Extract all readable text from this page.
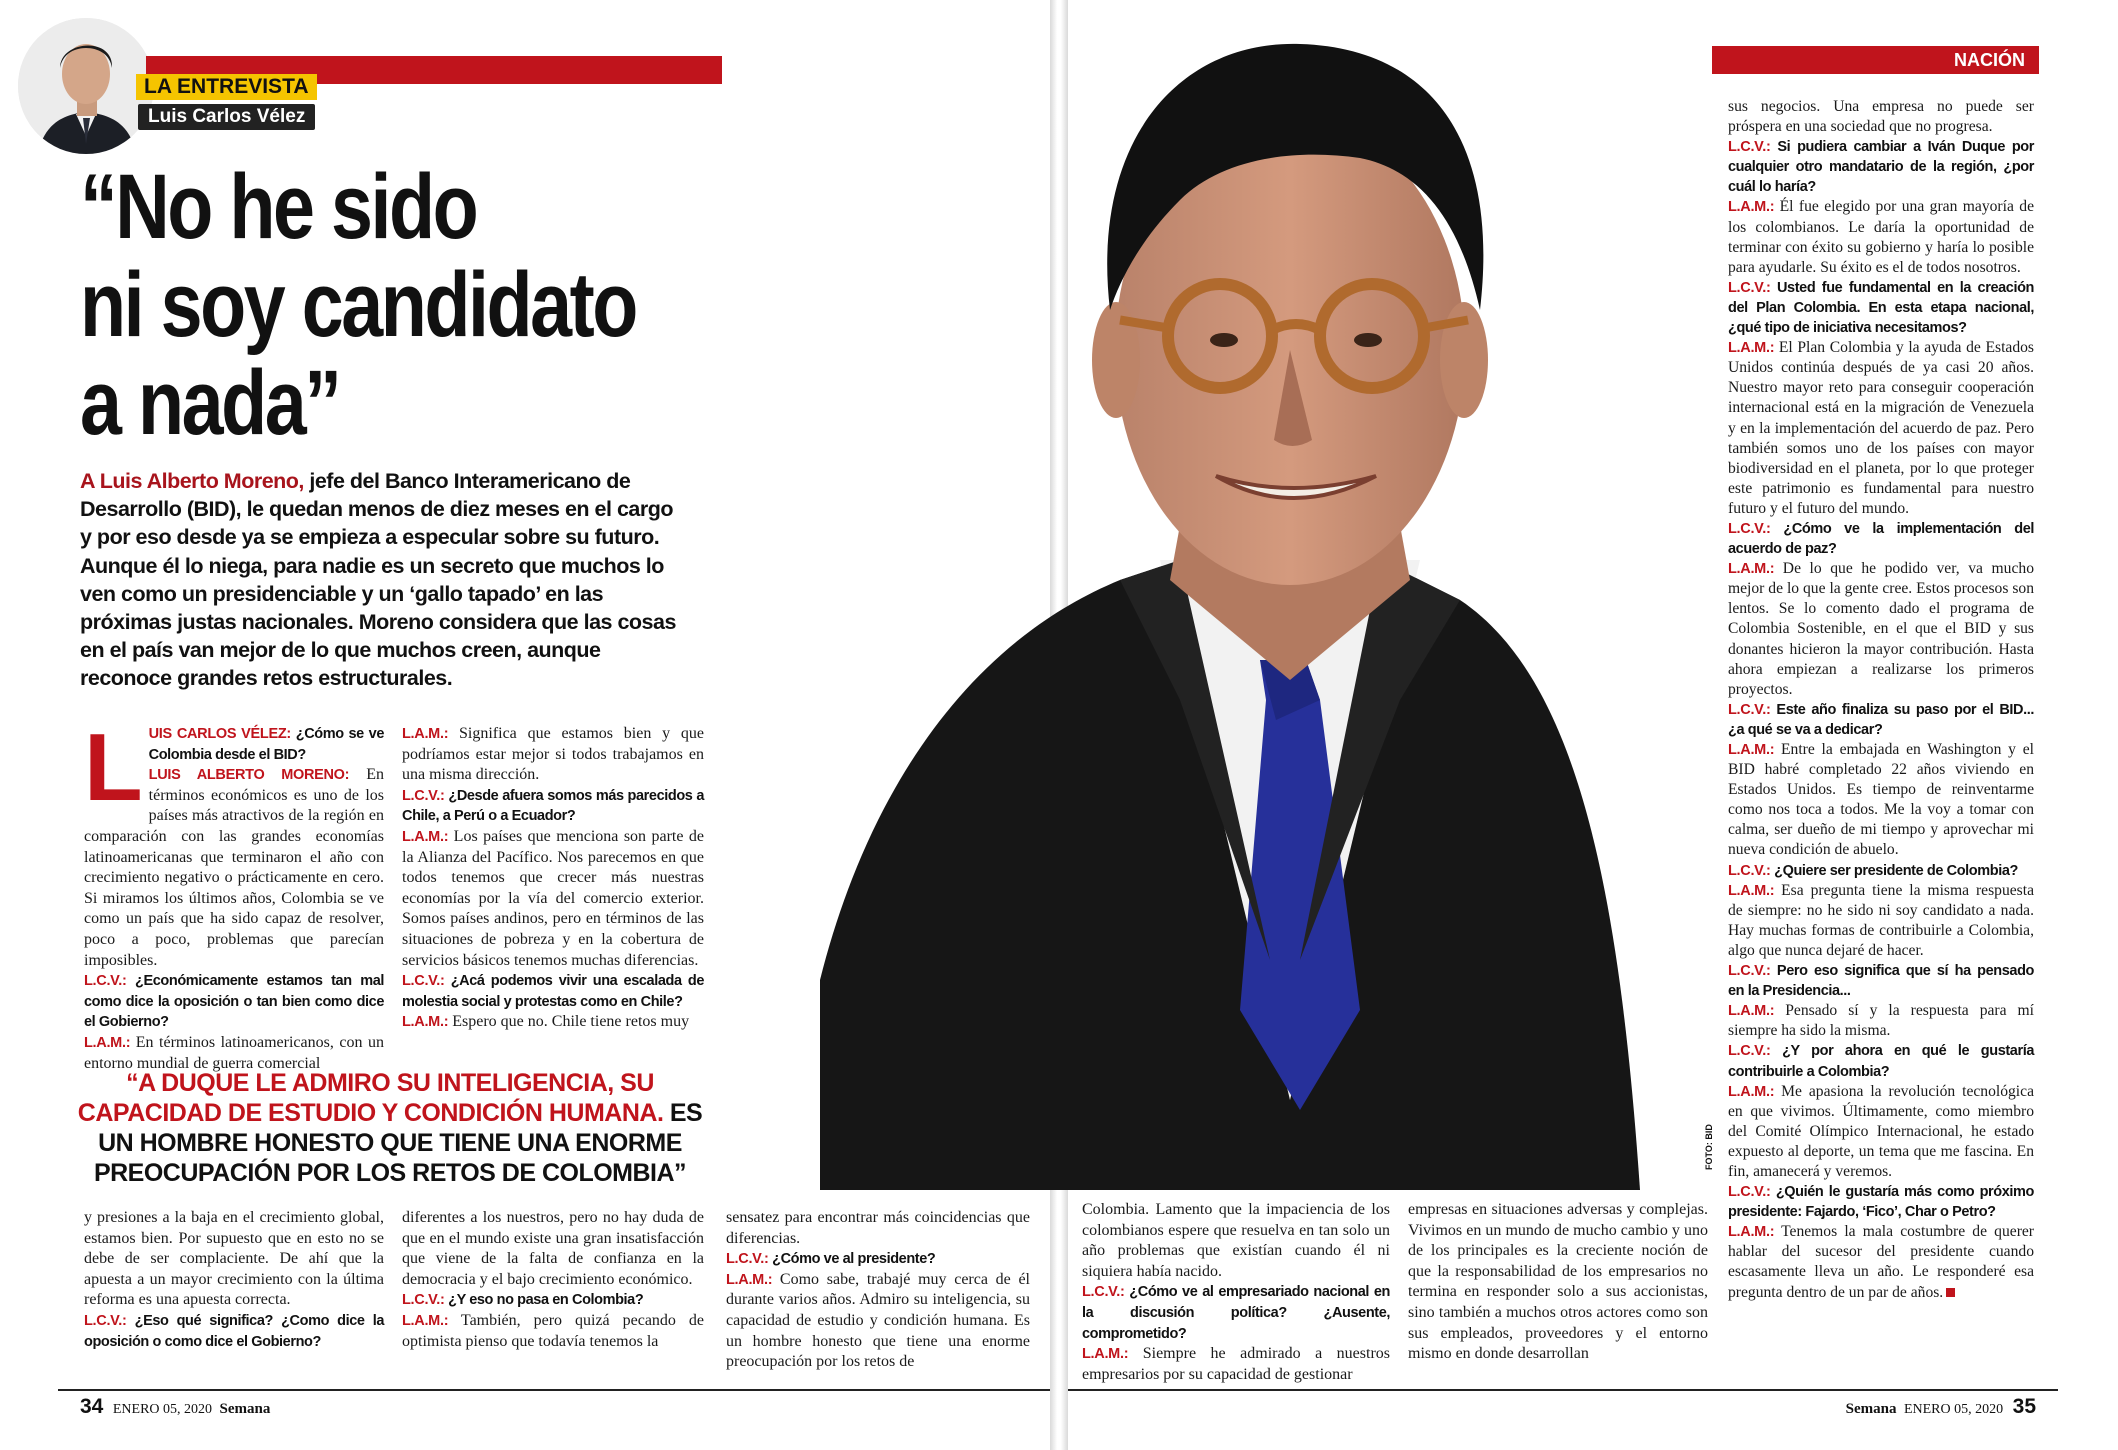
LA ENTREVISTA
Luis Carlos Vélez
“No he sido
ni soy candidato
a nada”
A Luis Alberto Moreno, jefe del Banco Interamericano de Desarrollo (BID), le quedan menos de diez meses en el cargo y por eso desde ya se empieza a especular sobre su futuro. Aunque él lo niega, para nadie es un secreto que muchos lo ven como un presidenciable y un ‘gallo tapado’ en las próximas justas nacionales. Moreno considera que las cosas en el país van mejor de lo que muchos creen, aunque reconoce grandes retos estructurales.
L UIS CARLOS VÉLEZ: ¿Cómo se ve Colombia desde el BID?

LUIS ALBERTO MORENO: En términos económicos es uno de los países más atractivos de la región en comparación con las grandes economías latinoamericanas que terminaron el año con crecimiento negativo o prácticamente en cero. Si miramos los últimos años, Colombia se ve como un país que ha sido capaz de resolver, poco a poco, problemas que parecían imposibles.

L.C.V.: ¿Económicamente estamos tan mal como dice la oposición o tan bien como dice el Gobierno?

L.A.M.: En términos latinoamericanos, con un entorno mundial de guerra comercial

L.A.M.: Significa que estamos bien y que podríamos estar mejor si todos trabajamos en una misma dirección.

L.C.V.: ¿Desde afuera somos más parecidos a Chile, a Perú o a Ecuador?

L.A.M.: Los países que menciona son parte de la Alianza del Pacífico. Nos parecemos en que todos tenemos que crecer más nuestras economías por la vía del comercio exterior. Somos países andinos, pero en términos de las situaciones de pobreza y en la cobertura de servicios básicos tenemos muchas diferencias.

L.C.V.: ¿Acá podemos vivir una escalada de molestia social y protestas como en Chile?

L.A.M.: Espero que no. Chile tiene retos muy

“A DUQUE LE ADMIRO SU INTELIGENCIA, SU CAPACIDAD DE ESTUDIO Y CONDICIÓN HUMANA. ES UN HOMBRE HONESTO QUE TIENE UNA ENORME PREOCUPACIÓN POR LOS RETOS DE COLOMBIA”

y presiones a la baja en el crecimiento global, estamos bien. Por supuesto que en esto no se debe de ser complaciente. De ahí que la apuesta a un mayor crecimiento con la última reforma es una apuesta correcta.

L.C.V.: ¿Eso qué significa? ¿Como dice la oposición o como dice el Gobierno?

diferentes a los nuestros, pero no hay duda de que en el mundo existe una gran insatisfacción que viene de la falta de confianza en la democracia y el bajo crecimiento económico.

L.C.V.: ¿Y eso no pasa en Colombia?

L.A.M.: También, pero quizá pecando de optimista pienso que todavía tenemos la

sensatez para encontrar más coincidencias que diferencias.

L.C.V.: ¿Cómo ve al presidente?

L.A.M.: Como sabe, trabajé muy cerca de él durante varios años. Admiro su inteligencia, su capacidad de estudio y condición humana. Es un hombre honesto que tiene una enorme preocupación por los retos de

34 ENERO 05, 2020 Semana
FOTO: BID
NACIÓN

sus negocios. Una empresa no puede ser próspera en una sociedad que no progresa.

L.C.V.: Si pudiera cambiar a Iván Duque por cualquier otro mandatario de la región, ¿por cuál lo haría?

L.A.M.: Él fue elegido por una gran mayoría de los colombianos. Le daría la oportunidad de terminar con éxito su gobierno y haría lo posible para ayudarle. Su éxito es el de todos nosotros.

L.C.V.: Usted fue fundamental en la creación del Plan Colombia. En esta etapa nacional, ¿qué tipo de iniciativa necesitamos?

L.A.M.: El Plan Colombia y la ayuda de Estados Unidos continúa después de ya casi 20 años. Nuestro mayor reto para conseguir cooperación internacional está en la migración de Venezuela y en la implementación del acuerdo de paz. Pero también somos uno de los países con mayor biodiversidad en el planeta, por lo que proteger este patrimonio es fundamental para nuestro futuro y el futuro del mundo.

L.C.V.: ¿Cómo ve la implementación del acuerdo de paz?

L.A.M.: De lo que he podido ver, va mucho mejor de lo que la gente cree. Estos procesos son lentos. Se lo comento dado el programa de Colombia Sostenible, en el que el BID y sus donantes hicieron la mayor contribución. Hasta ahora empiezan a realizarse los primeros proyectos.

L.C.V.: Este año finaliza su paso por el BID... ¿a qué se va a dedicar?

L.A.M.: Entre la embajada en Washington y el BID habré completado 22 años viviendo en Estados Unidos. Es tiempo de reinventarme como nos toca a todos. Me la voy a tomar con calma, ser dueño de mi tiempo y aprovechar mi nueva condición de abuelo.

L.C.V.: ¿Quiere ser presidente de Colombia?

L.A.M.: Esa pregunta tiene la misma respuesta de siempre: no he sido ni soy candidato a nada. Hay muchas formas de contribuirle a Colombia, algo que nunca dejaré de hacer.

L.C.V.: Pero eso significa que sí ha pensado en la Presidencia...

L.A.M.: Pensado sí y la respuesta para mí siempre ha sido la misma.

L.C.V.: ¿Y por ahora en qué le gustaría contribuirle a Colombia?

L.A.M.: Me apasiona la revolución tecnológica en que vivimos. Últimamente, como miembro del Comité Olímpico Internacional, he estado expuesto al deporte, un tema que me fascina. En fin, amanecerá y veremos.

L.C.V.: ¿Quién le gustaría más como próximo presidente: Fajardo, ‘Fico’, Char o Petro?

L.A.M.: Tenemos la mala costumbre de querer hablar del sucesor del presidente cuando escasamente lleva un año. Le responderé esa pregunta dentro de un par de años.

Colombia. Lamento que la impaciencia de los colombianos espere que resuelva en tan solo un año problemas que existían cuando él ni siquiera había nacido.

L.C.V.: ¿Cómo ve al empresariado nacional en la discusión política? ¿Ausente, comprometido?

L.A.M.: Siempre he admirado a nuestros empresarios por su capacidad de gestionar

empresas en situaciones adversas y complejas. Vivimos en un mundo de mucho cambio y uno de los principales es la creciente noción de que la responsabilidad de los empresarios no termina en responder solo a sus accionistas, sino también a muchos otros actores como son sus empleados, proveedores y el entorno mismo en donde desarrollan

Semana ENERO 05, 2020 35
